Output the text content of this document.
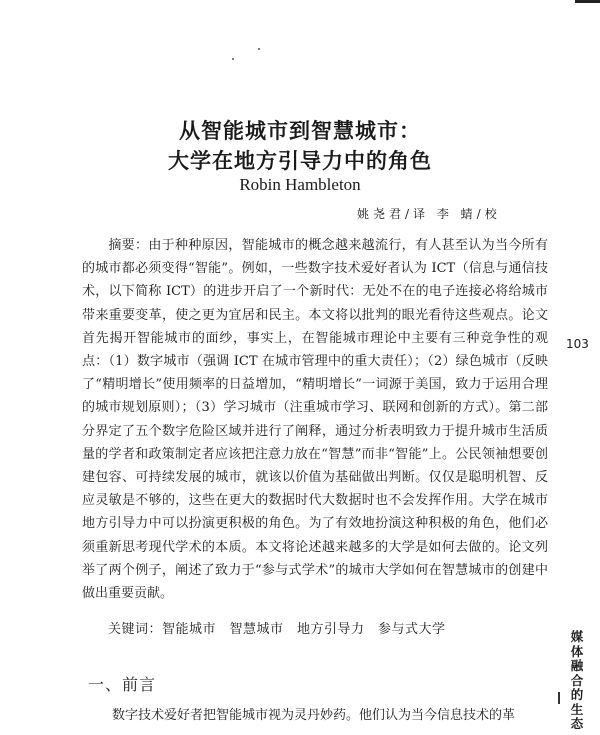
从智能城市到智慧城市：
大学在地方引导力中的角色
Robin Hambleton
姚尧君/译 李 蜻/校
摘要：由于种种原因，智能城市的概念越来越流行，有人甚至认为当今所有的城市都必须变得“智能”。例如，一些数字技术爱好者认为 ICT（信息与通信技术，以下简称 ICT）的进步开启了一个新时代：无处不在的电子连接必将给城市带来重要变革，使之更为宜居和民主。本文将以批判的眼光看待这些观点。论文首先揭开智能城市的面纱，事实上，在智能城市理论中主要有三种竞争性的观点：（1）数字城市（强调 ICT 在城市管理中的重大责任）；（2）绿色城市（反映了“精明增长”使用频率的日益增加，“精明增长”一词源于美国，致力于运用合理的城市规划原则）；（3）学习城市（注重城市学习、联网和创新的方式）。第二部分界定了五个数字危险区域并进行了阐释，通过分析表明致力于提升城市生活质量的学者和政策制定者应该把注意力放在“智慧”而非“智能”上。公民领袖想要创建包容、可持续发展的城市，就该以价值为基础做出判断。仅仅是聪明机智、反应灵敏是不够的，这些在更大的数据时代大数据时也不会发挥作用。大学在城市地方引导力中可以扮演更积极的角色。为了有效地扮演这种积极的角色，他们必须重新思考现代学术的本质。本文将论述越来越多的大学是如何去做的。论文列举了两个例子，阐述了致力于“参与式学术”的城市大学如何在智慧城市的创建中做出重要贡献。
关键词：智能城市　智慧城市　地方引导力　参与式大学
一、前言
数字技术爱好者把智能城市视为灵丹妙药。他们认为当今信息技术的革
103
媒
体
融
合
的
生
态
